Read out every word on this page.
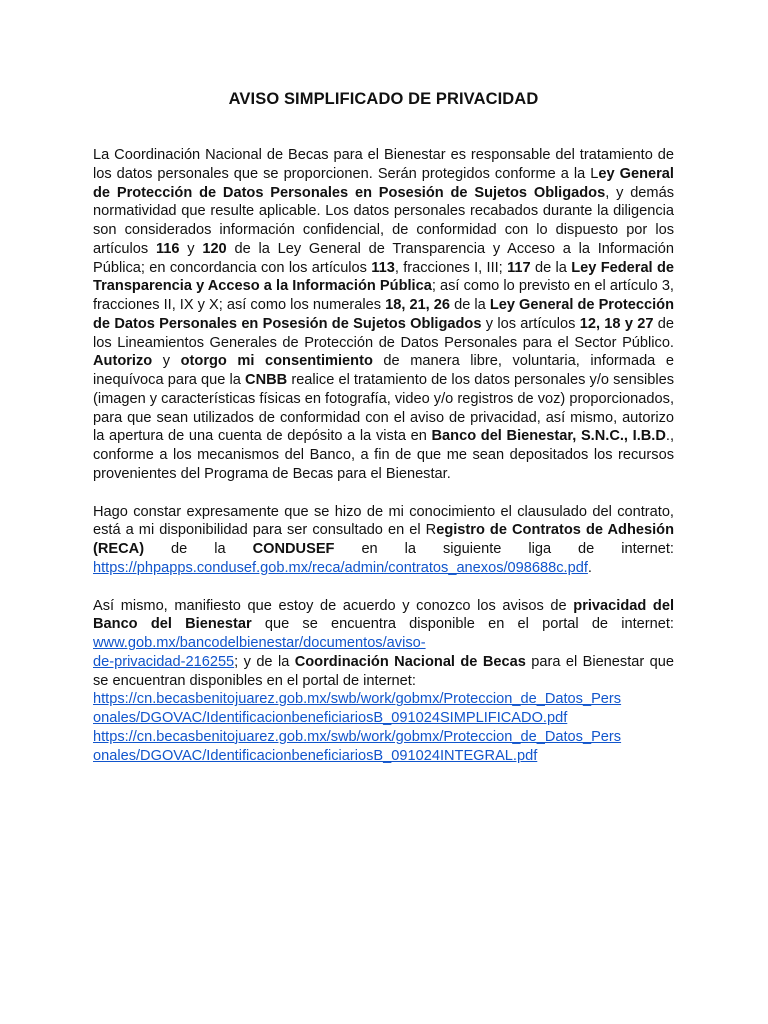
AVISO SIMPLIFICADO DE PRIVACIDAD

La Coordinación Nacional de Becas para el Bienestar es responsable del tratamiento de los datos personales que se proporcionen. Serán protegidos conforme a la Ley General de Protección de Datos Personales en Posesión de Sujetos Obligados, y demás normatividad que resulte aplicable. Los datos personales recabados durante la diligencia son considerados información confidencial, de conformidad con lo dispuesto por los artículos 116 y 120 de la Ley General de Transparencia y Acceso a la Información Pública; en concordancia con los artículos 113, fracciones I, III; 117 de la Ley Federal de Transparencia y Acceso a la Información Pública; así como lo previsto en el artículo 3, fracciones II, IX y X; así como los numerales 18, 21, 26 de la Ley General de Protección de Datos Personales en Posesión de Sujetos Obligados y los artículos 12, 18 y 27 de los Lineamientos Generales de Protección de Datos Personales para el Sector Público. Autorizo y otorgo mi consentimiento de manera libre, voluntaria, informada e inequívoca para que la CNBB realice el tratamiento de los datos personales y/o sensibles (imagen y características físicas en fotografía, video y/o registros de voz) proporcionados, para que sean utilizados de conformidad con el aviso de privacidad, así mismo, autorizo la apertura de una cuenta de depósito a la vista en Banco del Bienestar, S.N.C., I.B.D., conforme a los mecanismos del Banco, a fin de que me sean depositados los recursos provenientes del Programa de Becas para el Bienestar.

Hago constar expresamente que se hizo de mi conocimiento el clausulado del contrato, está a mi disponibilidad para ser consultado en el Registro de Contratos de Adhesión (RECA) de la CONDUSEF en la siguiente liga de internet: https://phpapps.condusef.gob.mx/reca/admin/contratos_anexos/098688c.pdf.

Así mismo, manifiesto que estoy de acuerdo y conozco los avisos de privacidad del Banco del Bienestar que se encuentra disponible en el portal de internet: www.gob.mx/bancodelbienestar/documentos/aviso-
de-privacidad-216255; y de la Coordinación Nacional de Becas para el Bienestar que se encuentran disponibles en el portal de internet:
https://cn.becasbenitojuarez.gob.mx/swb/work/gobmx/Proteccion_de_Datos_Pers
onales/DGOVAC/IdentificacionbeneficiariosB_091024SIMPLIFICADO.pdf
https://cn.becasbenitojuarez.gob.mx/swb/work/gobmx/Proteccion_de_Datos_Pers
onales/DGOVAC/IdentificacionbeneficiariosB_091024INTEGRAL.pdf
